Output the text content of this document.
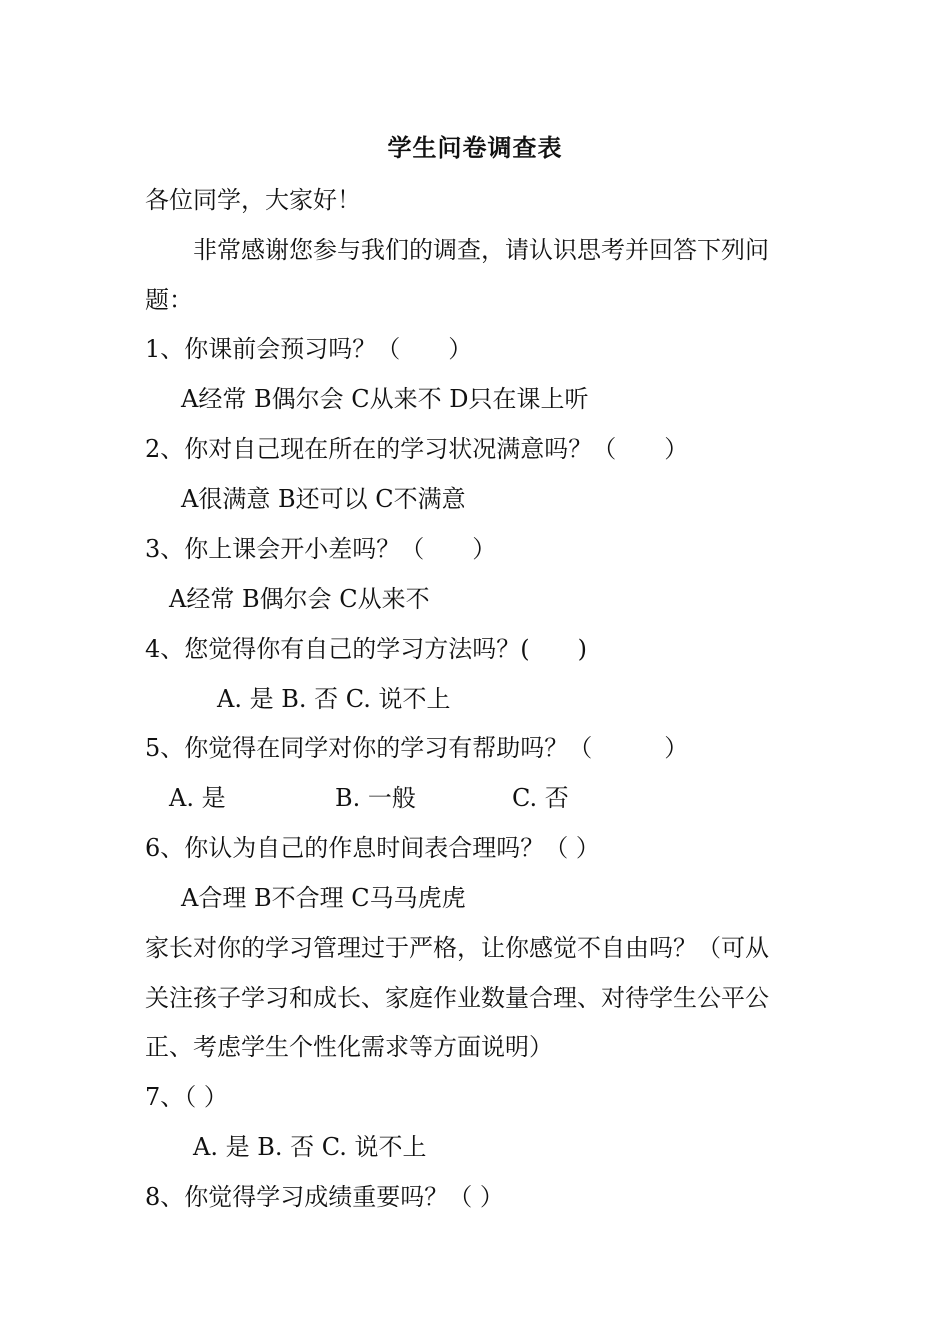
学生问卷调查表
各位同学，大家好！
非常感谢您参与我们的调查，请认识思考并回答下列问
题：
1、你课前会预习吗？（　　）
A经常 B偶尔会 C从来不 D只在课上听
2、你对自己现在所在的学习状况满意吗？（　　）
A很满意 B还可以 C不满意
3、你上课会开小差吗？（　　）
A经常 B偶尔会 C从来不
4、您觉得你有自己的学习方法吗？(　　)
A. 是 B. 否 C. 说不上
5、你觉得在同学对你的学习有帮助吗？（　　　）
A. 是	B. 一般	C. 否
6、你认为自己的作息时间表合理吗？（ ）
A合理 B不合理 C马马虎虎
家长对你的学习管理过于严格，让你感觉不自由吗？（可从
关注孩子学习和成长、家庭作业数量合理、对待学生公平公
正、考虑学生个性化需求等方面说明）
7、（ ）
A. 是 B. 否 C. 说不上
8、你觉得学习成绩重要吗？（ ）
